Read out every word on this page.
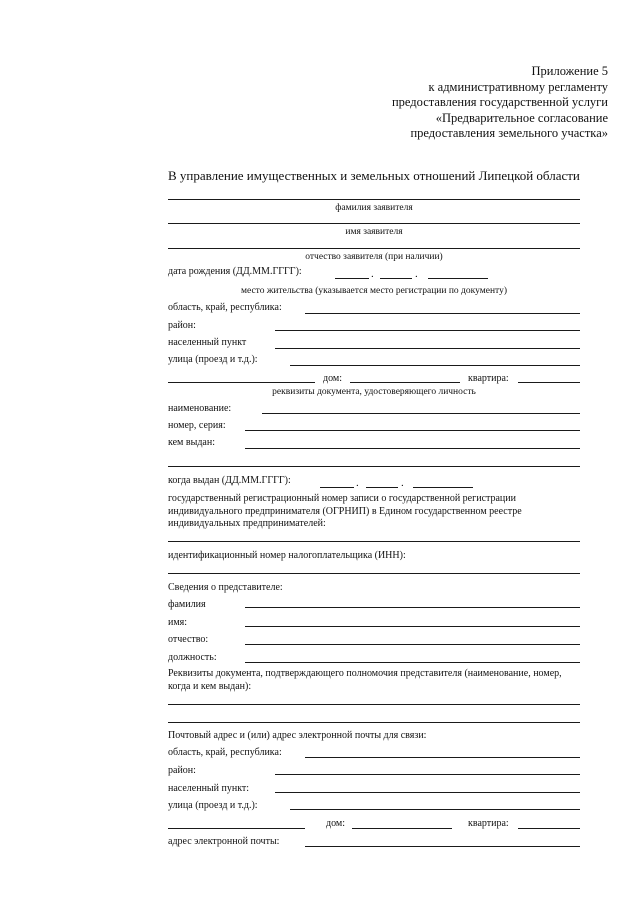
Приложение 5
к административному регламенту
предоставления государственной услуги
«Предварительное согласование
предоставления земельного участка»
В управление имущественных и земельных отношений Липецкой области
фамилия заявителя
имя заявителя
отчество заявителя (при наличии)
дата рождения (ДД.ММ.ГГГГ):	.	.
место жительства (указывается место регистрации по документу)
область, край, республика:
район:
населенный пункт
улица (проезд и т.д.):
дом:	квартира:
реквизиты документа, удостоверяющего личность
наименование:
номер, серия:
кем выдан:
когда выдан (ДД.ММ.ГГГГ):	.	.
государственный регистрационный номер записи о государственной регистрации индивидуального предпринимателя (ОГРНИП) в Едином государственном реестре индивидуальных предпринимателей:
идентификационный номер налогоплательщика (ИНН):
Сведения о представителе:
фамилия
имя:
отчество:
должность:
Реквизиты документа, подтверждающего полномочия представителя (наименование, номер, когда и кем выдан):
Почтовый адрес и (или) адрес электронной почты для связи:
область, край, республика:
район:
населенный пункт:
улица (проезд и т.д.):
дом:	квартира:
адрес электронной почты:
